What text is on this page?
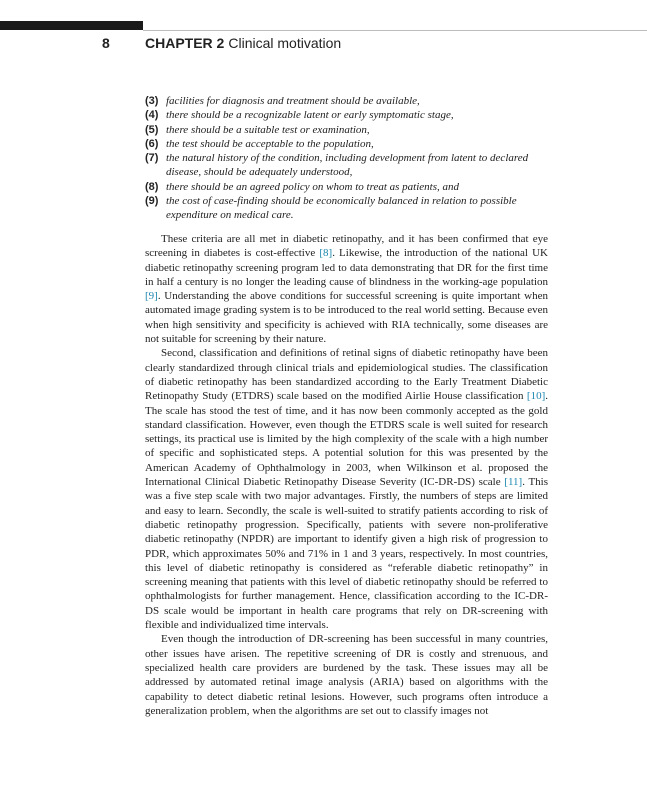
8	CHAPTER 2 Clinical motivation
(3) facilities for diagnosis and treatment should be available,
(4) there should be a recognizable latent or early symptomatic stage,
(5) there should be a suitable test or examination,
(6) the test should be acceptable to the population,
(7) the natural history of the condition, including development from latent to declared disease, should be adequately understood,
(8) there should be an agreed policy on whom to treat as patients, and
(9) the cost of case-finding should be economically balanced in relation to possible expenditure on medical care.

These criteria are all met in diabetic retinopathy, and it has been confirmed that eye screening in diabetes is cost-effective [8]. Likewise, the introduction of the national UK diabetic retinopathy screening program led to data demonstrating that DR for the first time in half a century is no longer the leading cause of blindness in the working-age population [9]. Understanding the above conditions for successful screening is quite important when automated image grading system is to be introduced to the real world setting. Because even when high sensitivity and specificity is achieved with RIA technically, some diseases are not suitable for screening by their nature.

Second, classification and definitions of retinal signs of diabetic retinopathy have been clearly standardized through clinical trials and epidemiological studies. The classification of diabetic retinopathy has been standardized according to the Early Treatment Diabetic Retinopathy Study (ETDRS) scale based on the modified Airlie House classification [10]. The scale has stood the test of time, and it has now been commonly accepted as the gold standard classification. However, even though the ETDRS scale is well suited for research settings, its practical use is limited by the high complexity of the scale with a high number of specific and sophisticated steps. A potential solution for this was presented by the American Academy of Ophthalmology in 2003, when Wilkinson et al. proposed the International Clinical Diabetic Retinopathy Disease Severity (IC-DR-DS) scale [11]. This was a five step scale with two major advantages. Firstly, the numbers of steps are limited and easy to learn. Secondly, the scale is well-suited to stratify patients according to risk of diabetic retinopathy progression. Specifically, patients with severe non-proliferative diabetic retinopathy (NPDR) are important to identify given a high risk of progression to PDR, which approximates 50% and 71% in 1 and 3 years, respectively. In most countries, this level of diabetic retinopathy is considered as “referable diabetic retinopathy” in screening meaning that patients with this level of diabetic retinopathy should be referred to ophthalmologists for further management. Hence, classification according to the IC-DR-DS scale would be important in health care programs that rely on DR-screening with flexible and individualized time intervals.

Even though the introduction of DR-screening has been successful in many countries, other issues have arisen. The repetitive screening of DR is costly and strenuous, and specialized health care providers are burdened by the task. These issues may all be addressed by automated retinal image analysis (ARIA) based on algorithms with the capability to detect diabetic retinal lesions. However, such programs often introduce a generalization problem, when the algorithms are set out to classify images not
